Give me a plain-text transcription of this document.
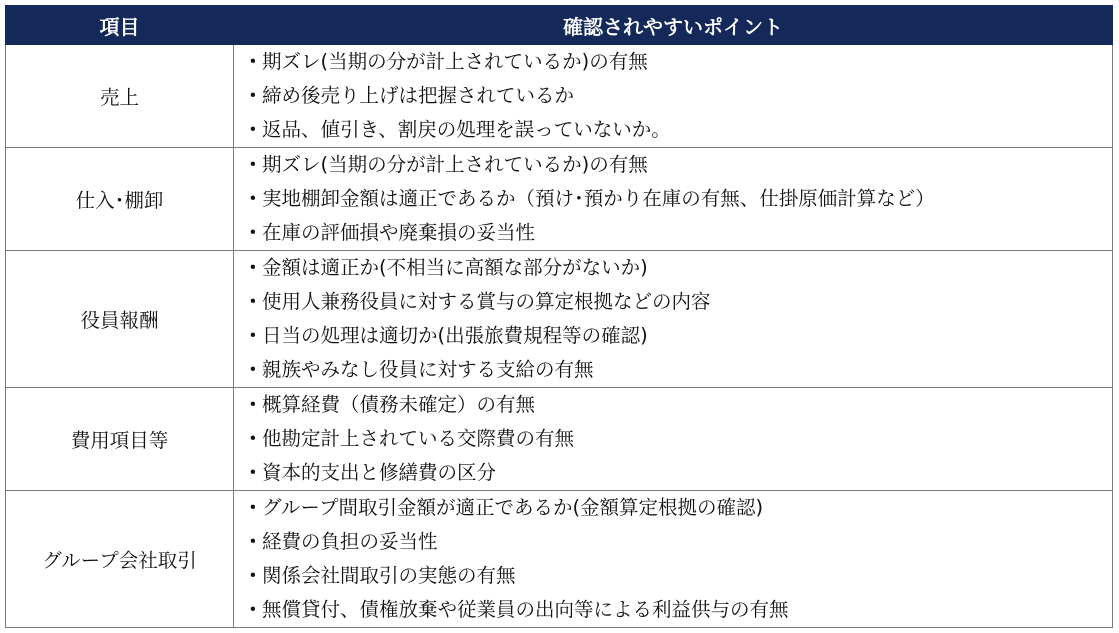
項目	確認されやすいポイント
売上	･ 期ズレ(当期の分が計上されているか)の有無
･ 締め後売り上げは把握されているか
･ 返品、値引き、割戻の処理を誤っていないか。

仕入･棚卸	･ 期ズレ(当期の分が計上されているか)の有無
･ 実地棚卸金額は適正であるか（預け･預かり在庫の有無、仕掛原価計算など）
･ 在庫の評価損や廃棄損の妥当性

役員報酬	･ 金額は適正か(不相当に高額な部分がないか)
･ 使用人兼務役員に対する賞与の算定根拠などの内容
･ 日当の処理は適切か(出張旅費規程等の確認)
･ 親族やみなし役員に対する支給の有無

費用項目等	･ 概算経費（債務未確定）の有無
･ 他勘定計上されている交際費の有無
･ 資本的支出と修繕費の区分

グループ会社取引	･ グループ間取引金額が適正であるか(金額算定根拠の確認)
･ 経費の負担の妥当性
･ 関係会社間取引の実態の有無
･ 無償貸付、債権放棄や従業員の出向等による利益供与の有無
